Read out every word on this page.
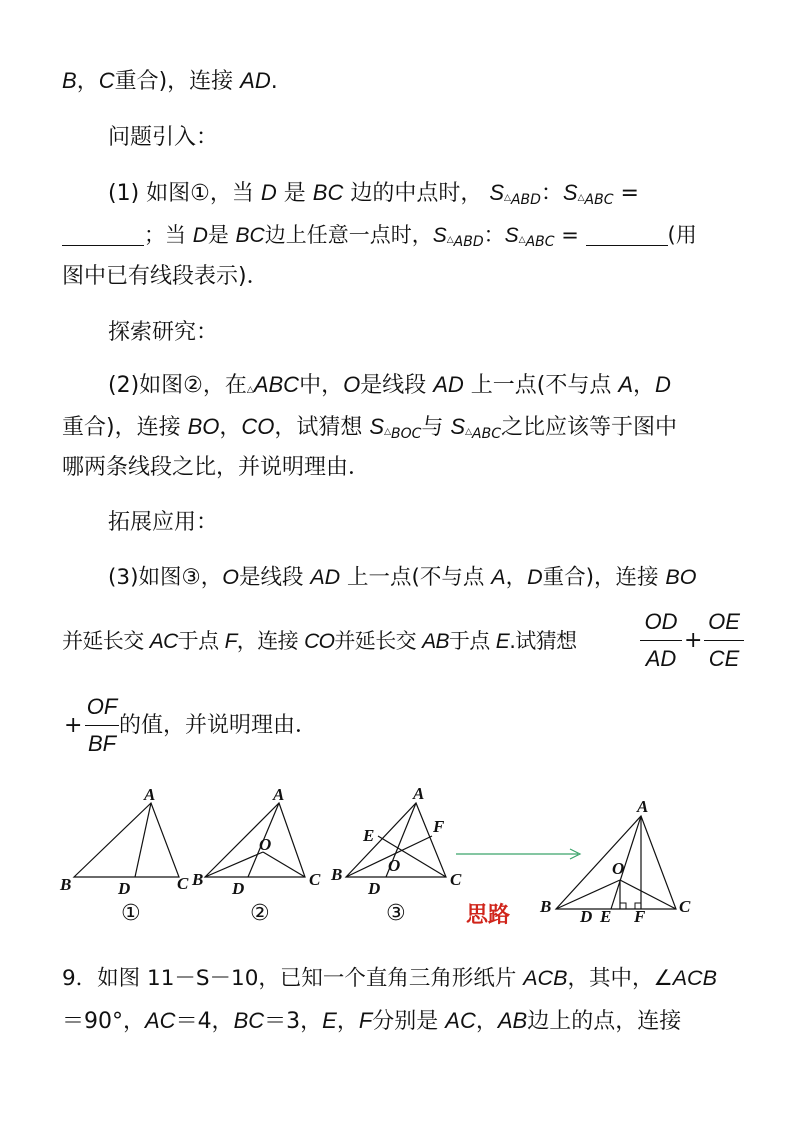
B，C重合)，连接 AD.
问题引入：
(1) 如图①，当 D 是 BC 边的中点时， S△ABD：S△ABC =
；当 D是 BC边上任意一点时，S△ABD：S△ABC =	(用
图中已有线段表示)．
探索研究：
(2)如图②，在△ABC中，O是线段 AD 上一点(不与点 A，D
重合)，连接 BO，CO，试猜想 S△BOC与 S△ABC之比应该等于图中
哪两条线段之比，并说明理由．
拓展应用：
(3)如图③，O是线段 AD 上一点(不与点 A，D重合)，连接 BO
并延长交 AC于点 F，连接 CO并延长交 AB于点 E.试猜想
OD
AD
+
OE
CE
+
OF
BF
的值，并说明理由．
A
B	D	C
A
B D
O
C
A
E	F
O
B
D	C
A
O
B
D E F
C
①	②	③	思路
9．如图 11－S－10，已知一个直角三角形纸片 ACB，其中，∠ACB
＝90°，AC＝4，BC＝3，E，F分别是 AC，AB边上的点，连接
